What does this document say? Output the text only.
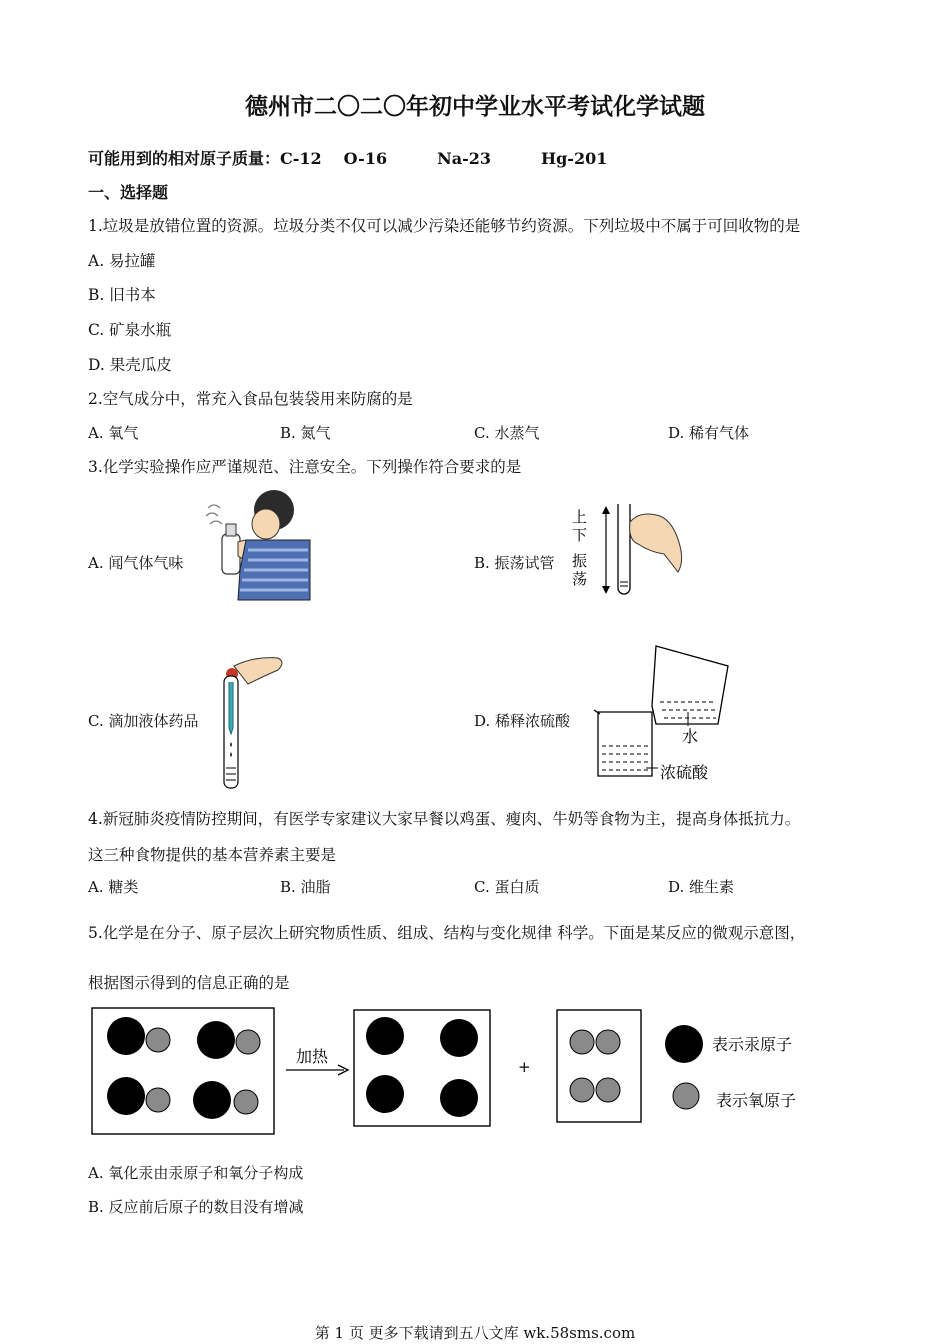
德州市二〇二〇年初中学业水平考试化学试题
可能用到的相对原子质量：C-12 O-16	Na-23	Hg-201
一、选择题
1.垃圾是放错位置的资源。垃圾分类不仅可以减少污染还能够节约资源。下列垃圾中不属于可回收物的是
A. 易拉罐
B. 旧书本
C. 矿泉水瓶
D. 果壳瓜皮
2.空气成分中，常充入食品包装袋用来防腐的是
A. 氧气	B. 氮气	C. 水蒸气	D. 稀有气体
3.化学实验操作应严谨规范、注意安全。下列操作符合要求的是
A. 闻气体气味	B. 振荡试管
C. 滴加液体药品	D. 稀释浓硫酸
上
下
振
荡
水
浓硫酸
4.新冠肺炎疫情防控期间，有医学专家建议大家早餐以鸡蛋、瘦肉、牛奶等食物为主，提高身体抵抗力。
这三种食物提供的基本营养素主要是
A. 糖类	B. 油脂	C. 蛋白质	D. 维生素
5.化学是在分子、原子层次上研究物质性质、组成、结构与变化规律 科学。下面是某反应的微观示意图，
根据图示得到的信息正确的是
加热
+
表示汞原子
表示氧原子
A. 氧化汞由汞原子和氧分子构成
B. 反应前后原子的数目没有增减
第 1 页 更多下载请到五八文库 wk.58sms.com
